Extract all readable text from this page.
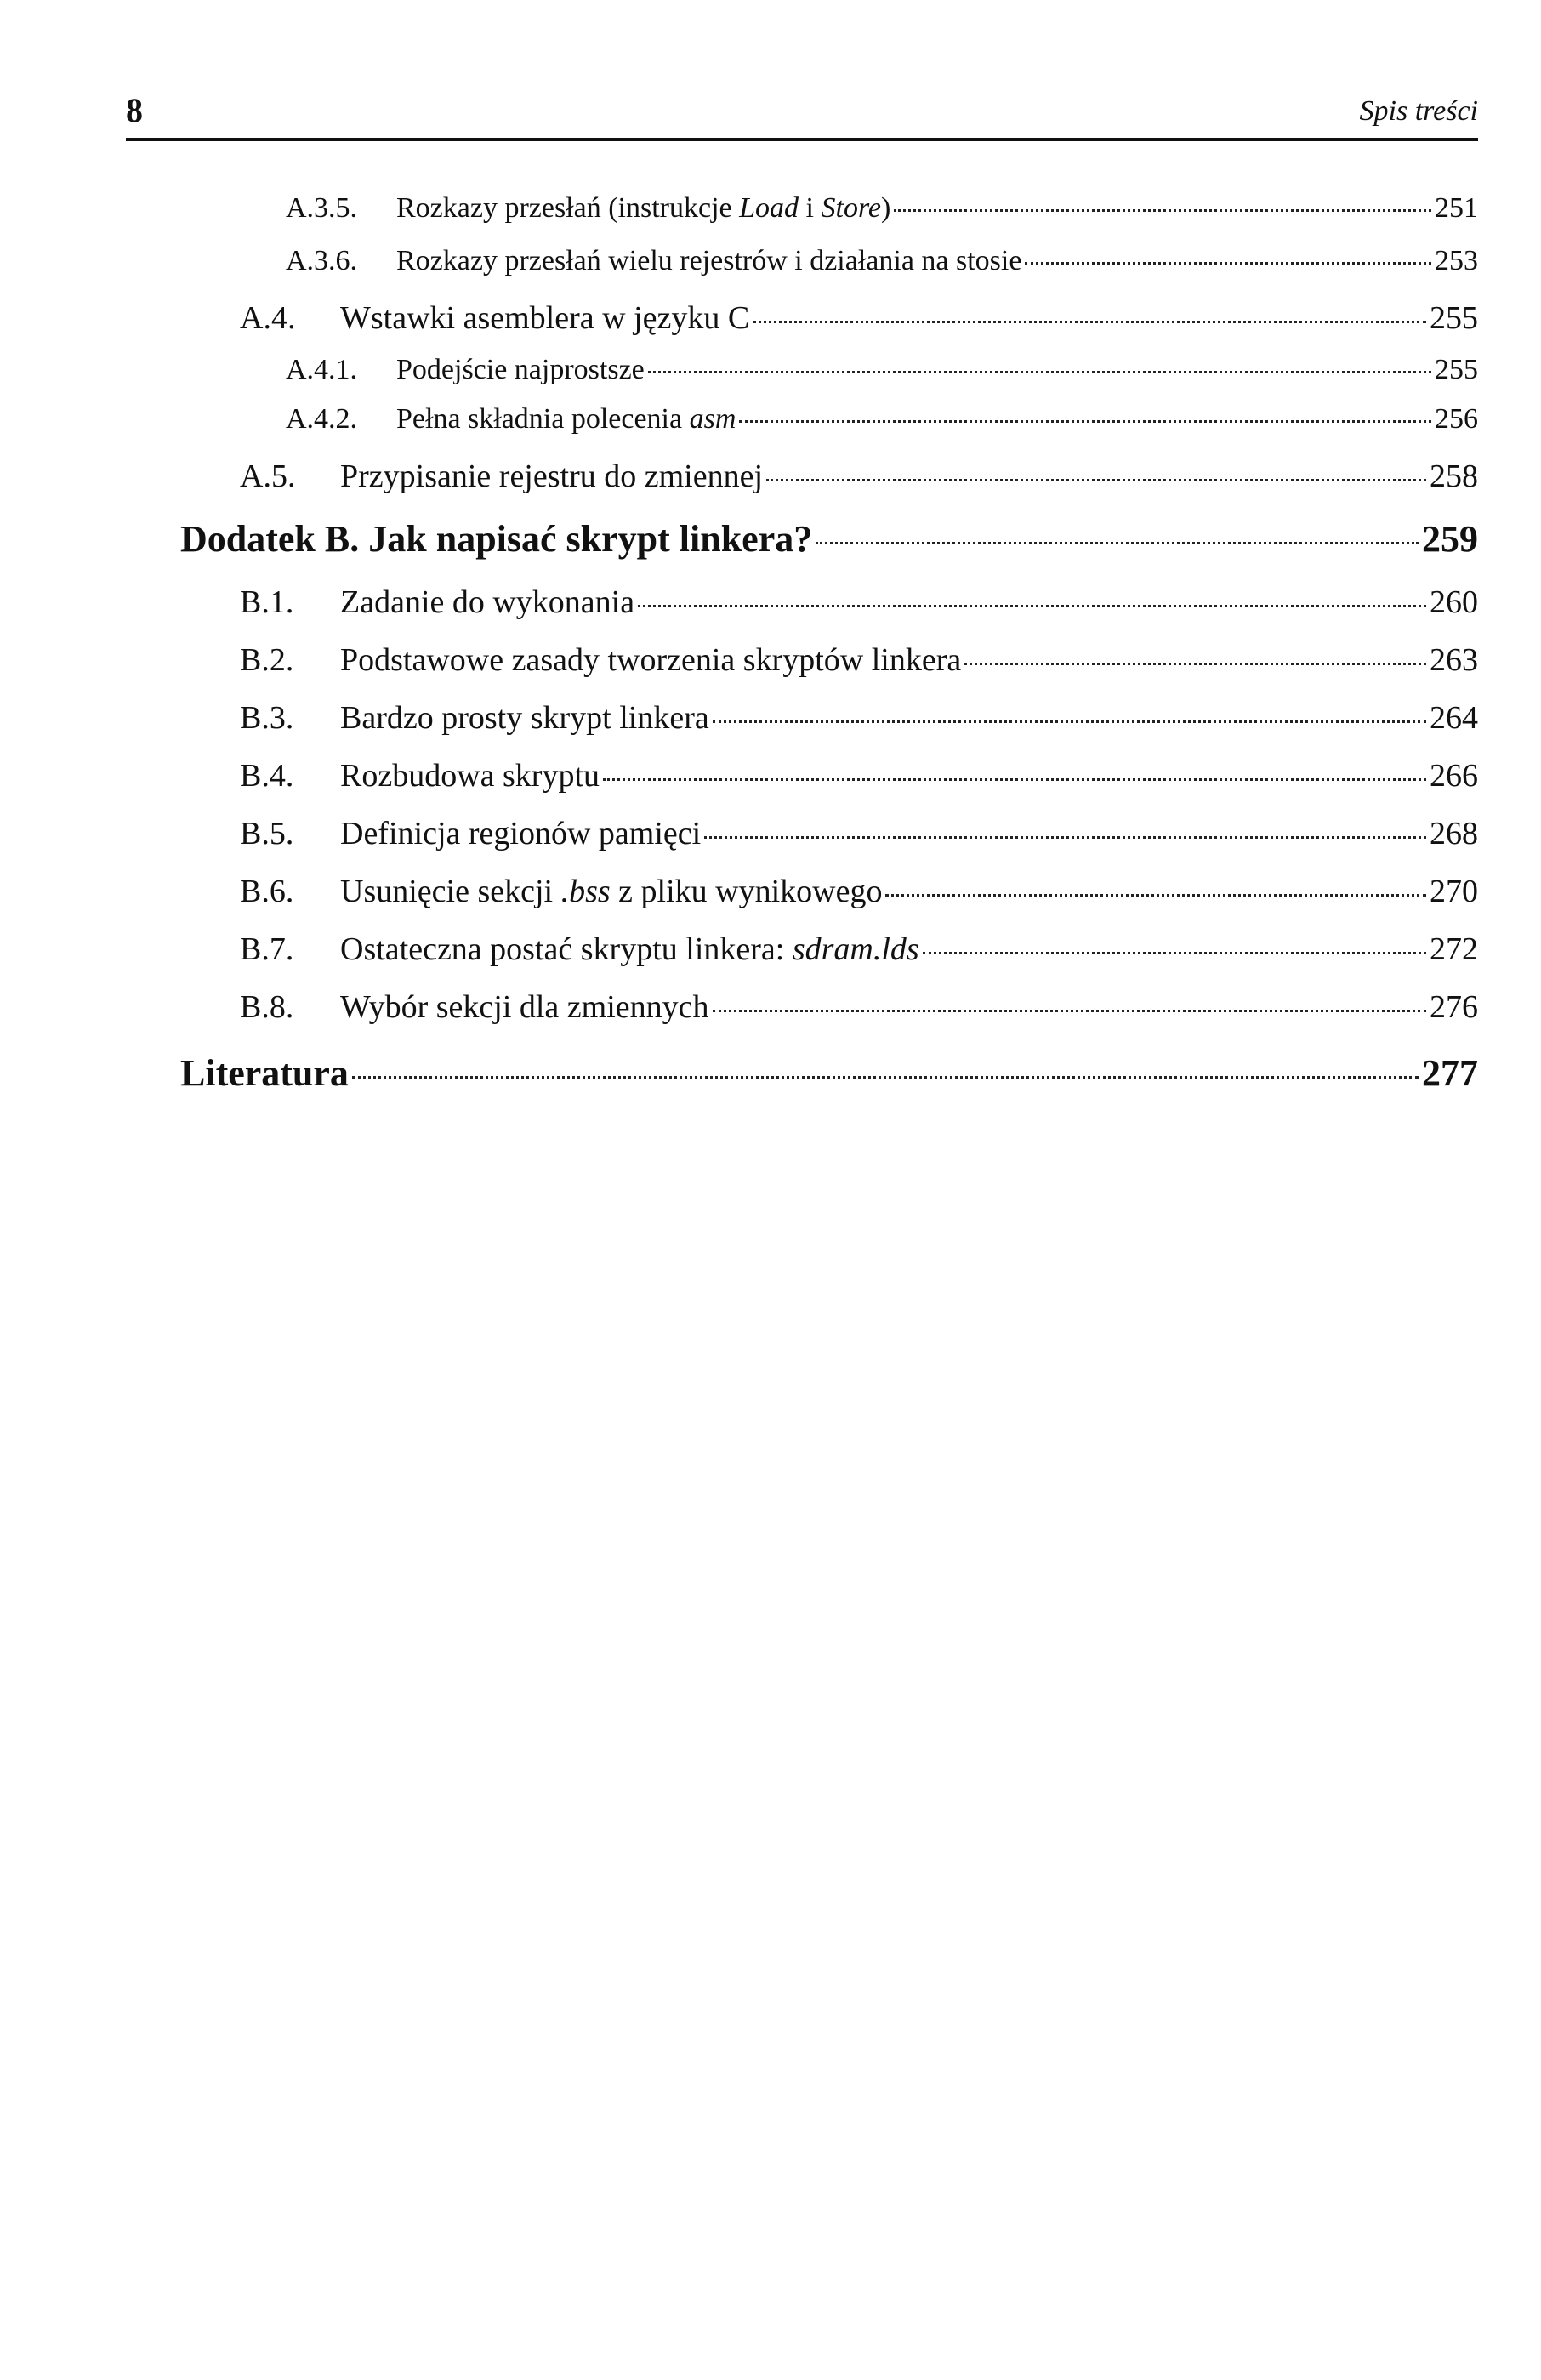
8	Spis treści
A.3.5.	Rozkazy przesłań (instrukcje Load i Store)	251
A.3.6.	Rozkazy przesłań wielu rejestrów i działania na stosie	253
A.4.	Wstawki asemblera w języku C	255
A.4.1.	Podejście najprostsze	255
A.4.2.	Pełna składnia polecenia asm	256
A.5.	Przypisanie rejestru do zmiennej	258
Dodatek B. Jak napisać skrypt linkera?	259
B.1.	Zadanie do wykonania	260
B.2.	Podstawowe zasady tworzenia skryptów linkera	263
B.3.	Bardzo prosty skrypt linkera	264
B.4.	Rozbudowa skryptu	266
B.5.	Definicja regionów pamięci	268
B.6.	Usunięcie sekcji .bss z pliku wynikowego	270
B.7.	Ostateczna postać skryptu linkera: sdram.lds	272
B.8.	Wybór sekcji dla zmiennych	276
Literatura	277
